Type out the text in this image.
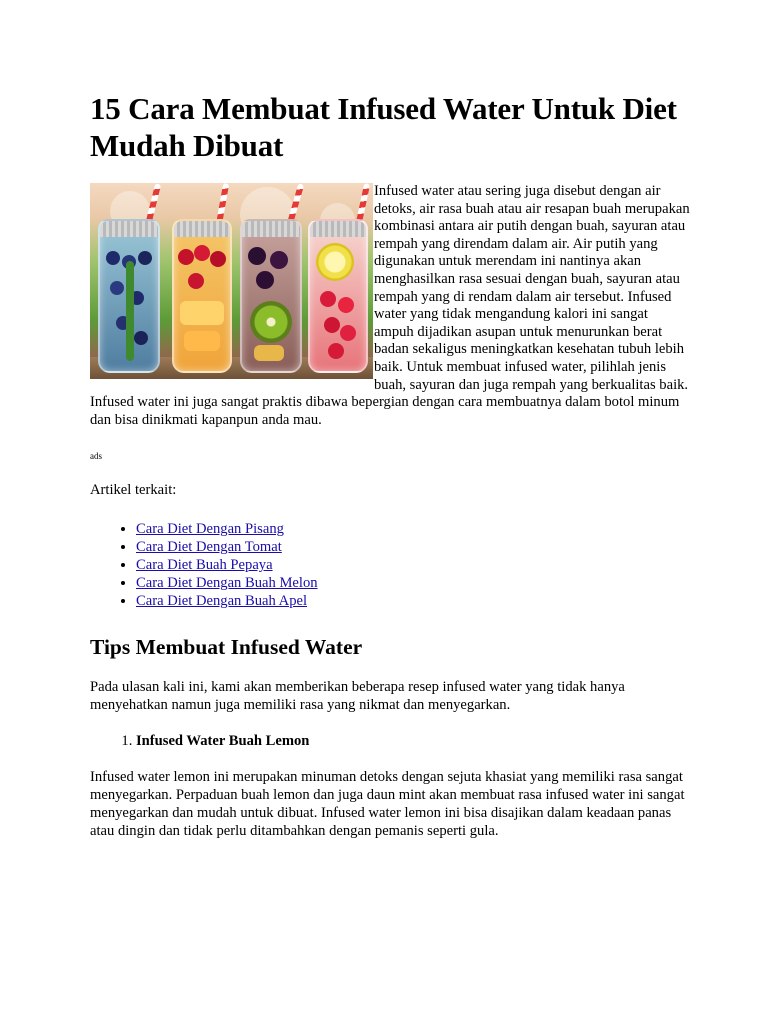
15 Cara Membuat Infused Water Untuk Diet Mudah Dibuat
Infused water atau sering juga disebut dengan air detoks, air rasa buah atau air resapan buah merupakan kombinasi antara air putih dengan buah, sayuran atau rempah yang direndam dalam air. Air putih yang digunakan untuk merendam ini nantinya akan menghasilkan rasa sesuai dengan buah, sayuran atau rempah yang di rendam dalam air tersebut. Infused water yang tidak mengandung kalori ini sangat ampuh dijadikan asupan untuk menurunkan berat badan sekaligus meningkatkan kesehatan tubuh lebih baik. Untuk membuat infused water, pilihlah jenis buah, sayuran dan juga rempah yang berkualitas baik. Infused water ini juga sangat praktis dibawa bepergian dengan cara membuatnya dalam botol minum dan bisa dinikmati kapanpun anda mau.
ads
Artikel terkait:
• Cara Diet Dengan Pisang
• Cara Diet Dengan Tomat
• Cara Diet Buah Pepaya
• Cara Diet Dengan Buah Melon
• Cara Diet Dengan Buah Apel
Tips Membuat Infused Water

Pada ulasan kali ini, kami akan memberikan beberapa resep infused water yang tidak hanya menyehatkan namun juga memiliki rasa yang nikmat dan menyegarkan.

1. Infused Water Buah Lemon

Infused water lemon ini merupakan minuman detoks dengan sejuta khasiat yang memiliki rasa sangat menyegarkan. Perpaduan buah lemon dan juga daun mint akan membuat rasa infused water ini sangat menyegarkan dan mudah untuk dibuat. Infused water lemon ini bisa disajikan dalam keadaan panas atau dingin dan tidak perlu ditambahkan dengan pemanis seperti gula.
